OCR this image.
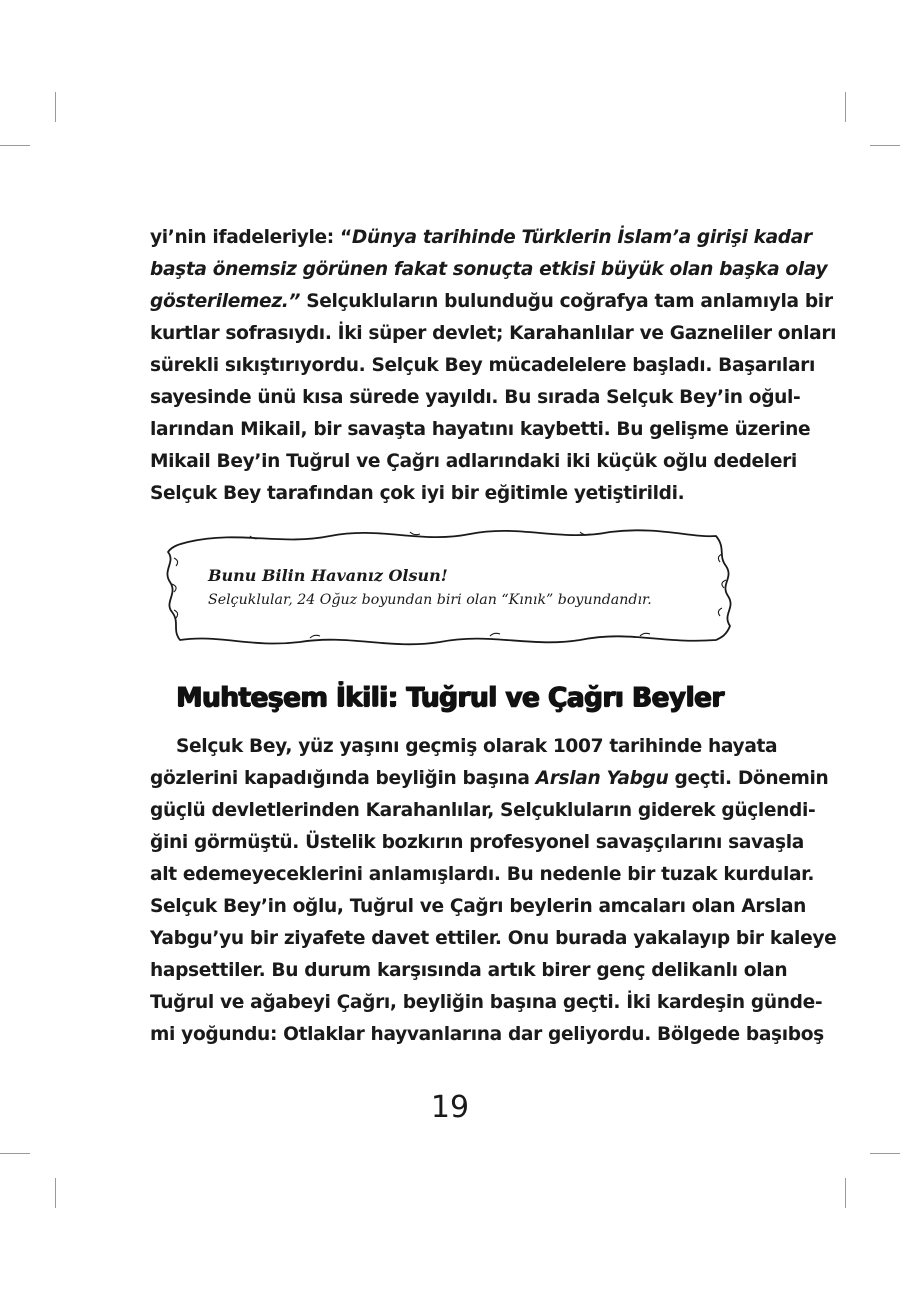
yi’nin ifadeleriyle: “Dünya tarihinde Türklerin İslam’a girişi kadar
başta önemsiz görünen fakat sonuçta etkisi büyük olan başka olay
gösterilemez.” Selçukluların bulunduğu coğrafya tam anlamıyla bir
kurtlar sofrasıydı. İki süper devlet; Karahanlılar ve Gazneliler onları
sürekli sıkıştırıyordu. Selçuk Bey mücadelelere başladı. Başarıları
sayesinde ünü kısa sürede yayıldı. Bu sırada Selçuk Bey’in oğul-
larından Mikail, bir savaşta hayatını kaybetti. Bu gelişme üzerine
Mikail Bey’in Tuğrul ve Çağrı adlarındaki iki küçük oğlu dedeleri
Selçuk Bey tarafından çok iyi bir eğitimle yetiştirildi.
Bunu Bilin Havanız Olsun!
Selçuklular, 24 Oğuz boyundan biri olan “Kınık” boyundandır.
Muhteşem İkili: Tuğrul ve Çağrı Beyler
Selçuk Bey, yüz yaşını geçmiş olarak 1007 tarihinde hayata
gözlerini kapadığında beyliğin başına Arslan Yabgu geçti. Dönemin
güçlü devletlerinden Karahanlılar, Selçukluların giderek güçlendi-
ğini görmüştü. Üstelik bozkırın profesyonel savaşçılarını savaşla
alt edemeyeceklerini anlamışlardı. Bu nedenle bir tuzak kurdular.
Selçuk Bey’in oğlu, Tuğrul ve Çağrı beylerin amcaları olan Arslan
Yabgu’yu bir ziyafete davet ettiler. Onu burada yakalayıp bir kaleye
hapsettiler. Bu durum karşısında artık birer genç delikanlı olan
Tuğrul ve ağabeyi Çağrı, beyliğin başına geçti. İki kardeşin günde-
mi yoğundu: Otlaklar hayvanlarına dar geliyordu. Bölgede başıboş
19
